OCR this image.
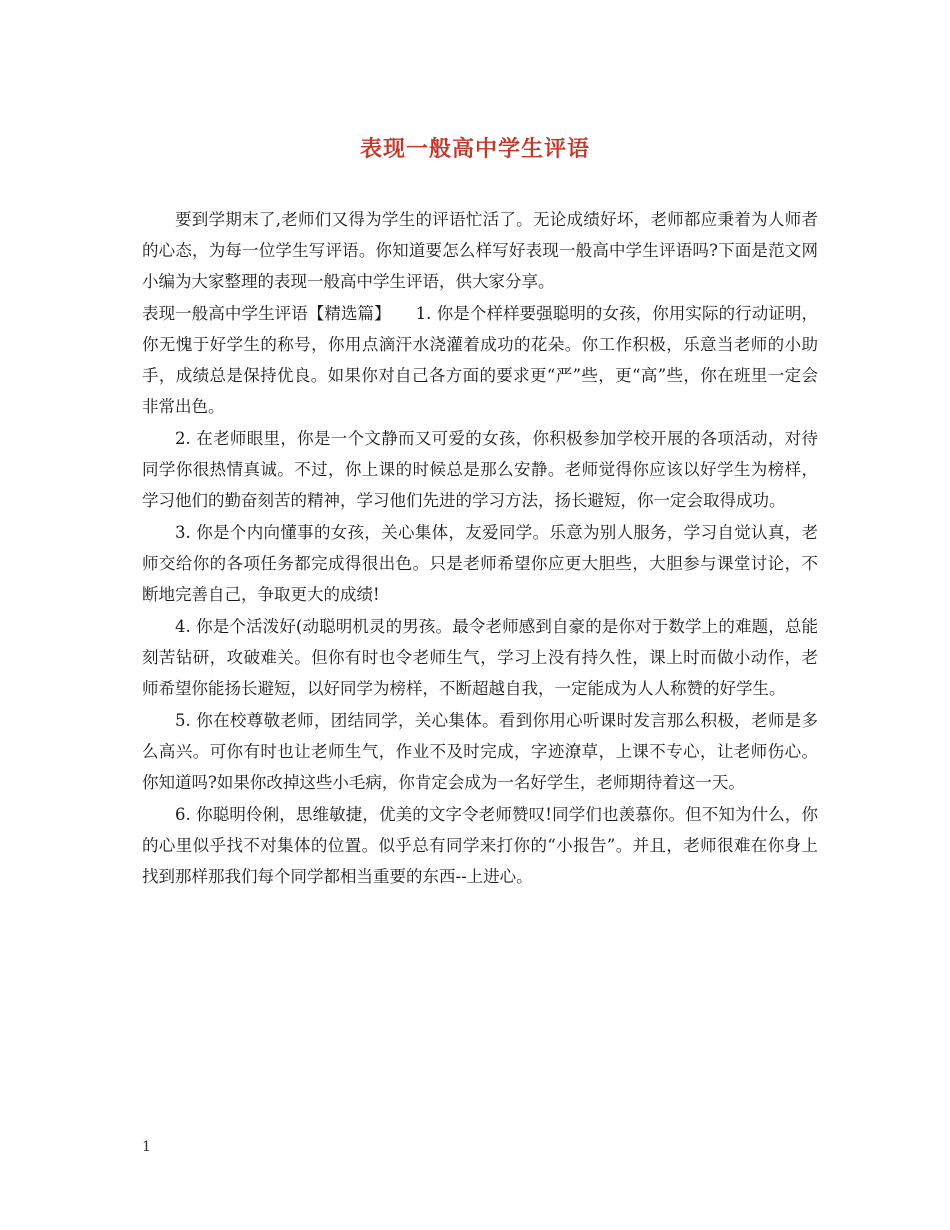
表现一般高中学生评语

要到学期末了,老师们又得为学生的评语忙活了。无论成绩好坏，老师都应秉着为人师者的心态，为每一位学生写评语。你知道要怎么样写好表现一般高中学生评语吗?下面是范文网小编为大家整理的表现一般高中学生评语，供大家分享。

表现一般高中学生评语【精选篇】　　1. 你是个样样要强聪明的女孩，你用实际的行动证明，你无愧于好学生的称号，你用点滴汗水浇灌着成功的花朵。你工作积极，乐意当老师的小助手，成绩总是保持优良。如果你对自己各方面的要求更“严”些，更“高”些，你在班里一定会非常出色。

2. 在老师眼里，你是一个文静而又可爱的女孩，你积极参加学校开展的各项活动，对待同学你很热情真诚。不过，你上课的时候总是那么安静。老师觉得你应该以好学生为榜样，学习他们的勤奋刻苦的精神，学习他们先进的学习方法，扬长避短，你一定会取得成功。

3. 你是个内向懂事的女孩，关心集体，友爱同学。乐意为别人服务，学习自觉认真，老师交给你的各项任务都完成得很出色。只是老师希望你应更大胆些，大胆参与课堂讨论，不断地完善自己，争取更大的成绩!

4. 你是个活泼好(动聪明机灵的男孩。最令老师感到自豪的是你对于数学上的难题，总能刻苦钻研，攻破难关。但你有时也令老师生气，学习上没有持久性，课上时而做小动作，老师希望你能扬长避短，以好同学为榜样，不断超越自我，一定能成为人人称赞的好学生。

5. 你在校尊敬老师，团结同学，关心集体。看到你用心听课时发言那么积极，老师是多么高兴。可你有时也让老师生气，作业不及时完成，字迹潦草，上课不专心，让老师伤心。你知道吗?如果你改掉这些小毛病，你肯定会成为一名好学生，老师期待着这一天。

6. 你聪明伶俐，思维敏捷，优美的文字令老师赞叹!同学们也羡慕你。但不知为什么，你的心里似乎找不对集体的位置。似乎总有同学来打你的“小报告”。并且，老师很难在你身上找到那样那我们每个同学都相当重要的东西--上进心。

1
